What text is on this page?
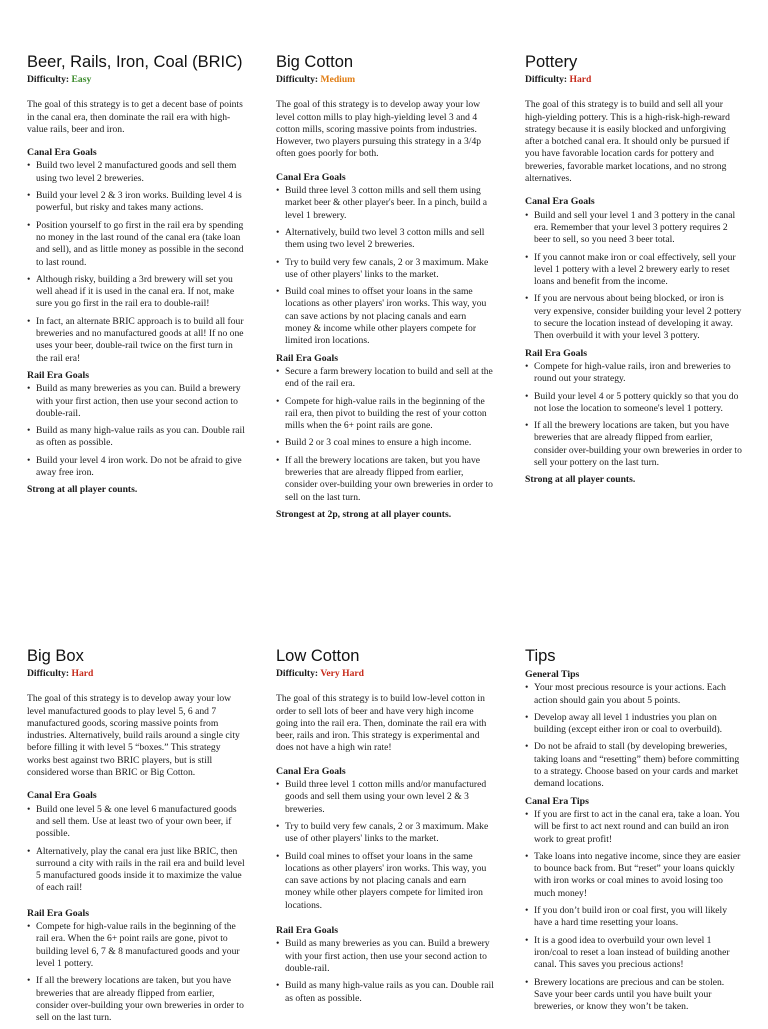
Beer, Rails, Iron, Coal (BRIC)

Difficulty: Easy

The goal of this strategy is to get a decent base of points in the canal era, then dominate the rail era with high-value rails, beer and iron.

Canal Era Goals
• Build two level 2 manufactured goods and sell them using two level 2 breweries.
• Build your level 2 & 3 iron works. Building level 4 is powerful, but risky and takes many actions.
• Position yourself to go first in the rail era by spending no money in the last round of the canal era (take loan and sell), and as little money as possible in the second to last round.
• Although risky, building a 3rd brewery will set you well ahead if it is used in the canal era. If not, make sure you go first in the rail era to double-rail!
• In fact, an alternate BRIC approach is to build all four breweries and no manufactured goods at all! If no one uses your beer, double-rail twice on the first turn in the rail era!
Rail Era Goals
• Build as many breweries as you can. Build a brewery with your first action, then use your second action to double-rail.
• Build as many high-value rails as you can. Double rail as often as possible.
• Build your level 4 iron work. Do not be afraid to give away free iron.

Strong at all player counts.

Big Cotton

Difficulty: Medium

The goal of this strategy is to develop away your low level cotton mills to play high-yielding level 3 and 4 cotton mills, scoring massive points from industries. However, two players pursuing this strategy in a 3/4p often goes poorly for both.

Canal Era Goals
• Build three level 3 cotton mills and sell them using market beer & other player's beer. In a pinch, build a level 1 brewery.
• Alternatively, build two level 3 cotton mills and sell them using two level 2 breweries.
• Try to build very few canals, 2 or 3 maximum. Make use of other players' links to the market.
• Build coal mines to offset your loans in the same locations as other players' iron works. This way, you can save actions by not placing canals and earn money & income while other players compete for limited iron locations.
Rail Era Goals
• Secure a farm brewery location to build and sell at the end of the rail era.
• Compete for high-value rails in the beginning of the rail era, then pivot to building the rest of your cotton mills when the 6+ point rails are gone.
• Build 2 or 3 coal mines to ensure a high income.
• If all the brewery locations are taken, but you have breweries that are already flipped from earlier, consider over-building your own breweries in order to sell on the last turn.

Strongest at 2p, strong at all player counts.

Pottery

Difficulty: Hard

The goal of this strategy is to build and sell all your high-yielding pottery. This is a high-risk-high-reward strategy because it is easily blocked and unforgiving after a botched canal era. It should only be pursued if you have favorable location cards for pottery and breweries, favorable market locations, and no strong alternatives.

Canal Era Goals
• Build and sell your level 1 and 3 pottery in the canal era. Remember that your level 3 pottery requires 2 beer to sell, so you need 3 beer total.
• If you cannot make iron or coal effectively, sell your level 1 pottery with a level 2 brewery early to reset loans and benefit from the income.
• If you are nervous about being blocked, or iron is very expensive, consider building your level 2 pottery to secure the location instead of developing it away. Then overbuild it with your level 3 pottery.
Rail Era Goals
• Compete for high-value rails, iron and breweries to round out your strategy.
• Build your level 4 or 5 pottery quickly so that you do not lose the location to someone's level 1 pottery.
• If all the brewery locations are taken, but you have breweries that are already flipped from earlier, consider over-building your own breweries in order to sell your pottery on the last turn.

Strong at all player counts.

Big Box

Difficulty: Hard

The goal of this strategy is to develop away your low level manufactured goods to play level 5, 6 and 7 manufactured goods, scoring massive points from industries. Alternatively, build rails around a single city before filling it with level 5 “boxes.” This strategy works best against two BRIC players, but is still considered worse than BRIC or Big Cotton.

Canal Era Goals
• Build one level 5 & one level 6 manufactured goods and sell them. Use at least two of your own beer, if possible.
• Alternatively, play the canal era just like BRIC, then surround a city with rails in the rail era and build level 5 manufactured goods inside it to maximize the value of each rail!
Rail Era Goals
• Compete for high-value rails in the beginning of the rail era. When the 6+ point rails are gone, pivot to building level 6, 7 & 8 manufactured goods and your level 1 pottery.
• If all the brewery locations are taken, but you have breweries that are already flipped from earlier, consider over-building your own breweries in order to sell on the last turn.
Low Cotton

Difficulty: Very Hard

The goal of this strategy is to build low-level cotton in order to sell lots of beer and have very high income going into the rail era. Then, dominate the rail era with beer, rails and iron. This strategy is experimental and does not have a high win rate!

Canal Era Goals
• Build three level 1 cotton mills and/or manufactured goods and sell them using your own level 2 & 3 breweries.
• Try to build very few canals, 2 or 3 maximum. Make use of other players' links to the market.
• Build coal mines to offset your loans in the same locations as other players' iron works. This way, you can save actions by not placing canals and earn money while other players compete for limited iron locations.
Rail Era Goals
• Build as many breweries as you can. Build a brewery with your first action, then use your second action to double-rail.
• Build as many high-value rails as you can. Double rail as often as possible.
Tips
General Tips
• Your most precious resource is your actions. Each action should gain you about 5 points.
• Develop away all level 1 industries you plan on building (except either iron or coal to overbuild).
• Do not be afraid to stall (by developing breweries, taking loans and “resetting” them) before committing to a strategy. Choose based on your cards and market demand locations.
Canal Era Tips
• If you are first to act in the canal era, take a loan. You will be first to act next round and can build an iron work to great profit!
• Take loans into negative income, since they are easier to bounce back from. But “reset” your loans quickly with iron works or coal mines to avoid losing too much money!
• If you don’t build iron or coal first, you will likely have a hard time resetting your loans.
• It is a good idea to overbuild your own level 1 iron/coal to reset a loan instead of building another canal. This saves you precious actions!
• Brewery locations are precious and can be stolen. Save your beer cards until you have built your breweries, or know they won’t be taken.
